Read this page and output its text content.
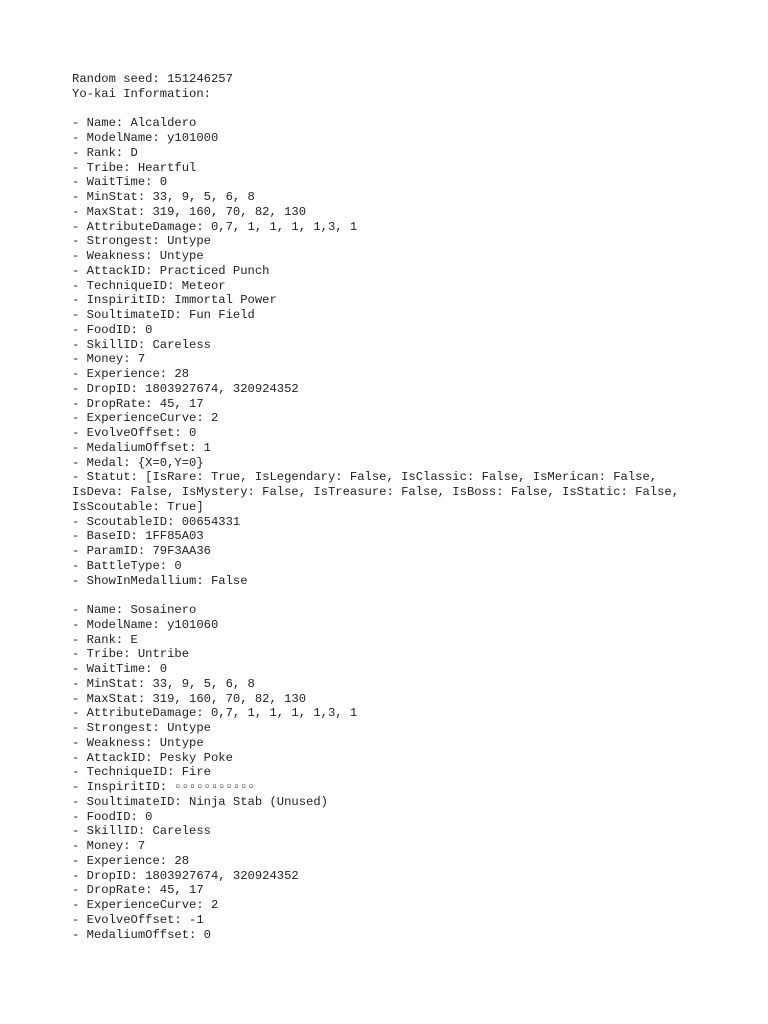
Random seed: 151246257
Yo-kai Information:
- Name: Alcaldero
- ModelName: y101000
- Rank: D
- Tribe: Heartful
- WaitTime: 0
- MinStat: 33, 9, 5, 6, 8
- MaxStat: 319, 160, 70, 82, 130
- AttributeDamage: 0,7, 1, 1, 1, 1,3, 1
- Strongest: Untype
- Weakness: Untype
- AttackID: Practiced Punch
- TechniqueID: Meteor
- InspiritID: Immortal Power
- SoultimateID: Fun Field
- FoodID: 0
- SkillID: Careless
- Money: 7
- Experience: 28
- DropID: 1803927674, 320924352
- DropRate: 45, 17
- ExperienceCurve: 2
- EvolveOffset: 0
- MedaliumOffset: 1
- Medal: {X=0,Y=0}
- Statut: [IsRare: True, IsLegendary: False, IsClassic: False, IsMerican: False, IsDeva: False, IsMystery: False, IsTreasure: False, IsBoss: False, IsStatic: False, IsScoutable: True]
- ScoutableID: 00654331
- BaseID: 1FF85A03
- ParamID: 79F3AA36
- BattleType: 0
- ShowInMedallium: False
- Name: Sosainero
- ModelName: y101060
- Rank: E
- Tribe: Untribe
- WaitTime: 0
- MinStat: 33, 9, 5, 6, 8
- MaxStat: 319, 160, 70, 82, 130
- AttributeDamage: 0,7, 1, 1, 1, 1,3, 1
- Strongest: Untype
- Weakness: Untype
- AttackID: Pesky Poke
- TechniqueID: Fire
- InspiritID: ▫▫▫▫▫▫▫▫▫▫▫
- SoultimateID: Ninja Stab (Unused)
- FoodID: 0
- SkillID: Careless
- Money: 7
- Experience: 28
- DropID: 1803927674, 320924352
- DropRate: 45, 17
- ExperienceCurve: 2
- EvolveOffset: -1
- MedaliumOffset: 0
